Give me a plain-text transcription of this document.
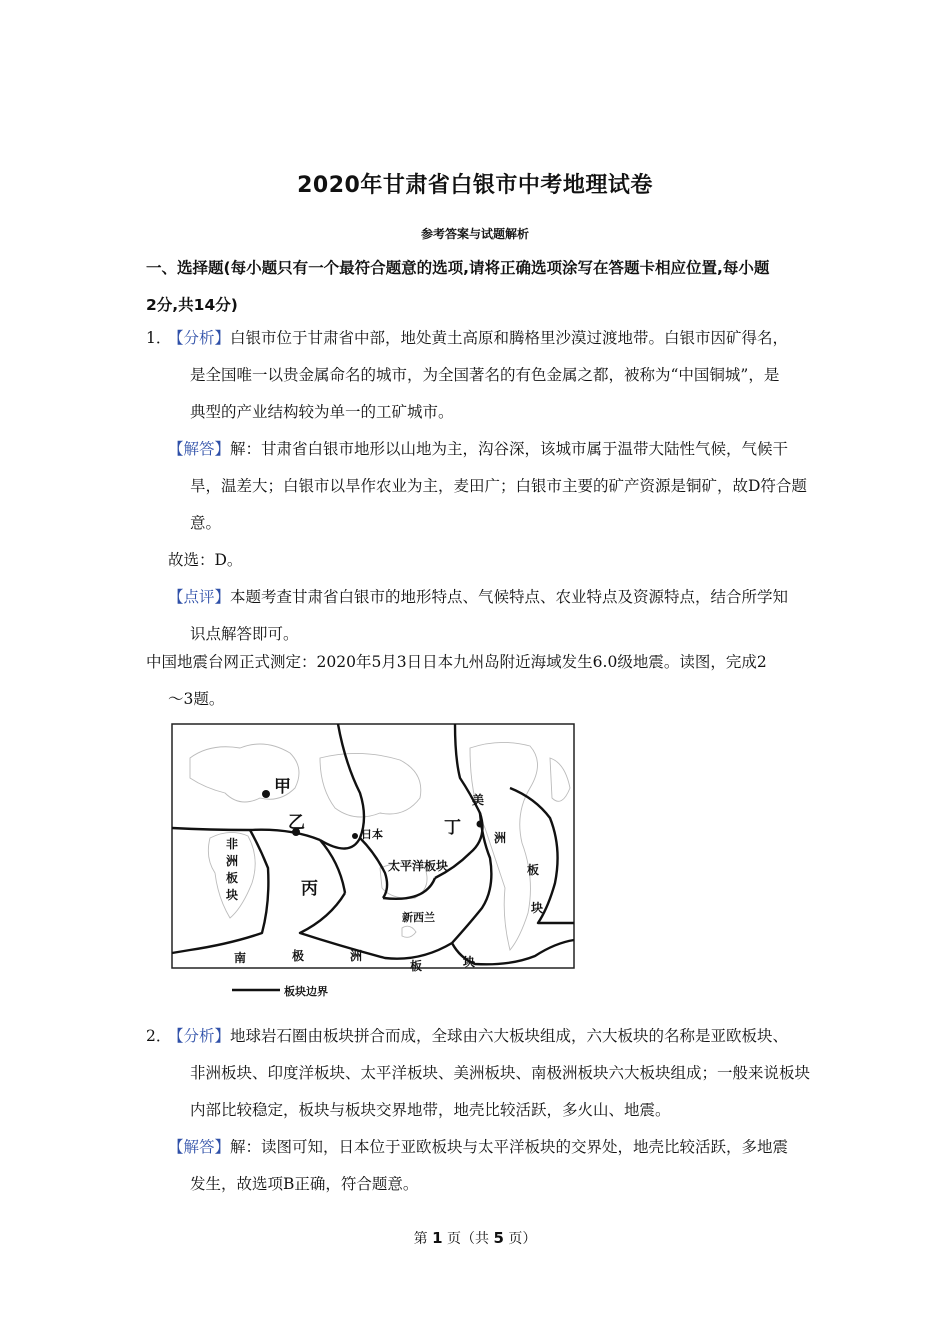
2020年甘肃省白银市中考地理试卷
参考答案与试题解析
一、选择题(每小题只有一个最符合题意的选项,请将正确选项涂写在答题卡相应位置,每小题
2分,共14分)
1．
【分析】白银市位于甘肃省中部，地处黄土高原和腾格里沙漠过渡地带。白银市因矿得名，
是全国唯一以贵金属命名的城市，为全国著名的有色金属之都，被称为“中国铜城”，是
典型的产业结构较为单一的工矿城市。
【解答】解：甘肃省白银市地形以山地为主，沟谷深，该城市属于温带大陆性气候，气候干
旱，温差大；白银市以旱作农业为主，麦田广；白银市主要的矿产资源是铜矿，故D符合题
意。
故选：D。
【点评】本题考查甘肃省白银市的地形特点、气候特点、农业特点及资源特点，结合所学知
识点解答即可。
中国地震台网正式测定：2020年5月3日日本九州岛附近海域发生6.0级地震。读图，完成2
～3题。
甲
乙
丙
丁
日本
太平洋板块
新西兰
非
洲
板
块
美
洲
板
块
南	极	洲
板	块
板块边界
2．
【分析】地球岩石圈由板块拼合而成，全球由六大板块组成，六大板块的名称是亚欧板块、
非洲板块、印度洋板块、太平洋板块、美洲板块、南极洲板块六大板块组成；一般来说板块
内部比较稳定，板块与板块交界地带，地壳比较活跃，多火山、地震。
【解答】解：读图可知，日本位于亚欧板块与太平洋板块的交界处，地壳比较活跃，多地震
发生，故选项B正确，符合题意。
第 1 页（共 5 页）
